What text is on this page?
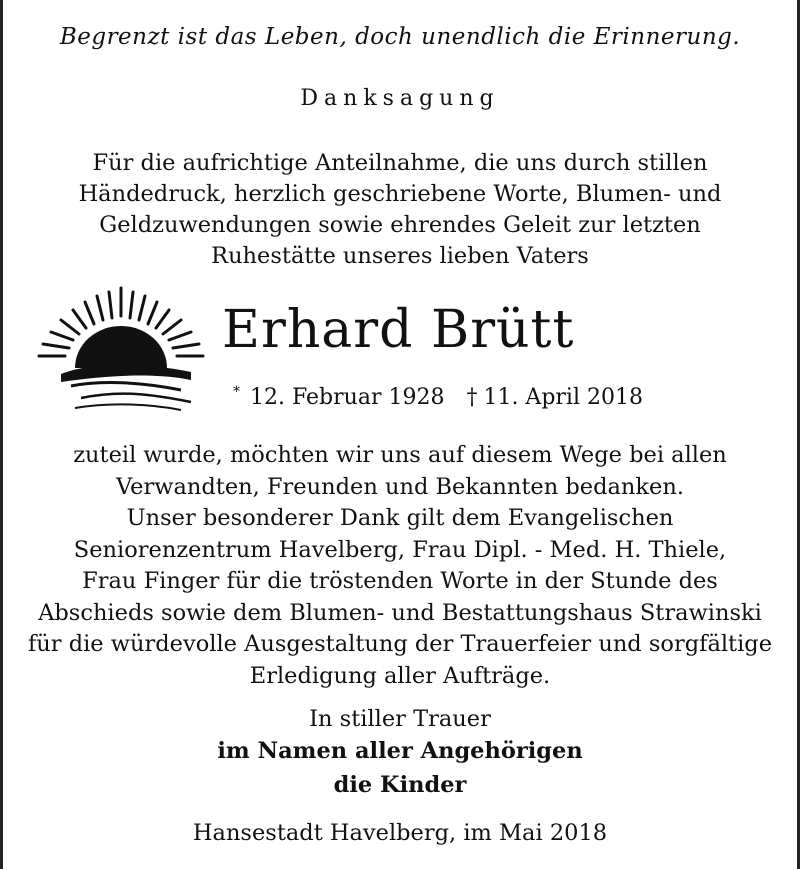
Begrenzt ist das Leben, doch unendlich die Erinnerung.
Danksagung
Für die aufrichtige Anteilnahme, die uns durch stillen
Händedruck, herzlich geschriebene Worte, Blumen- und
Geldzuwendungen sowie ehrendes Geleit zur letzten
Ruhestätte unseres lieben Vaters
Erhard Brütt
* 12. Februar 1928 † 11. April 2018
zuteil wurde, möchten wir uns auf diesem Wege bei allen
Verwandten, Freunden und Bekannten bedanken.
Unser besonderer Dank gilt dem Evangelischen
Seniorenzentrum Havelberg, Frau Dipl. - Med. H. Thiele,
Frau Finger für die tröstenden Worte in der Stunde des
Abschieds sowie dem Blumen- und Bestattungshaus Strawinski
für die würdevolle Ausgestaltung der Trauerfeier und sorgfältige
Erledigung aller Aufträge.
In stiller Trauer
im Namen aller Angehörigen
die Kinder
Hansestadt Havelberg, im Mai 2018
